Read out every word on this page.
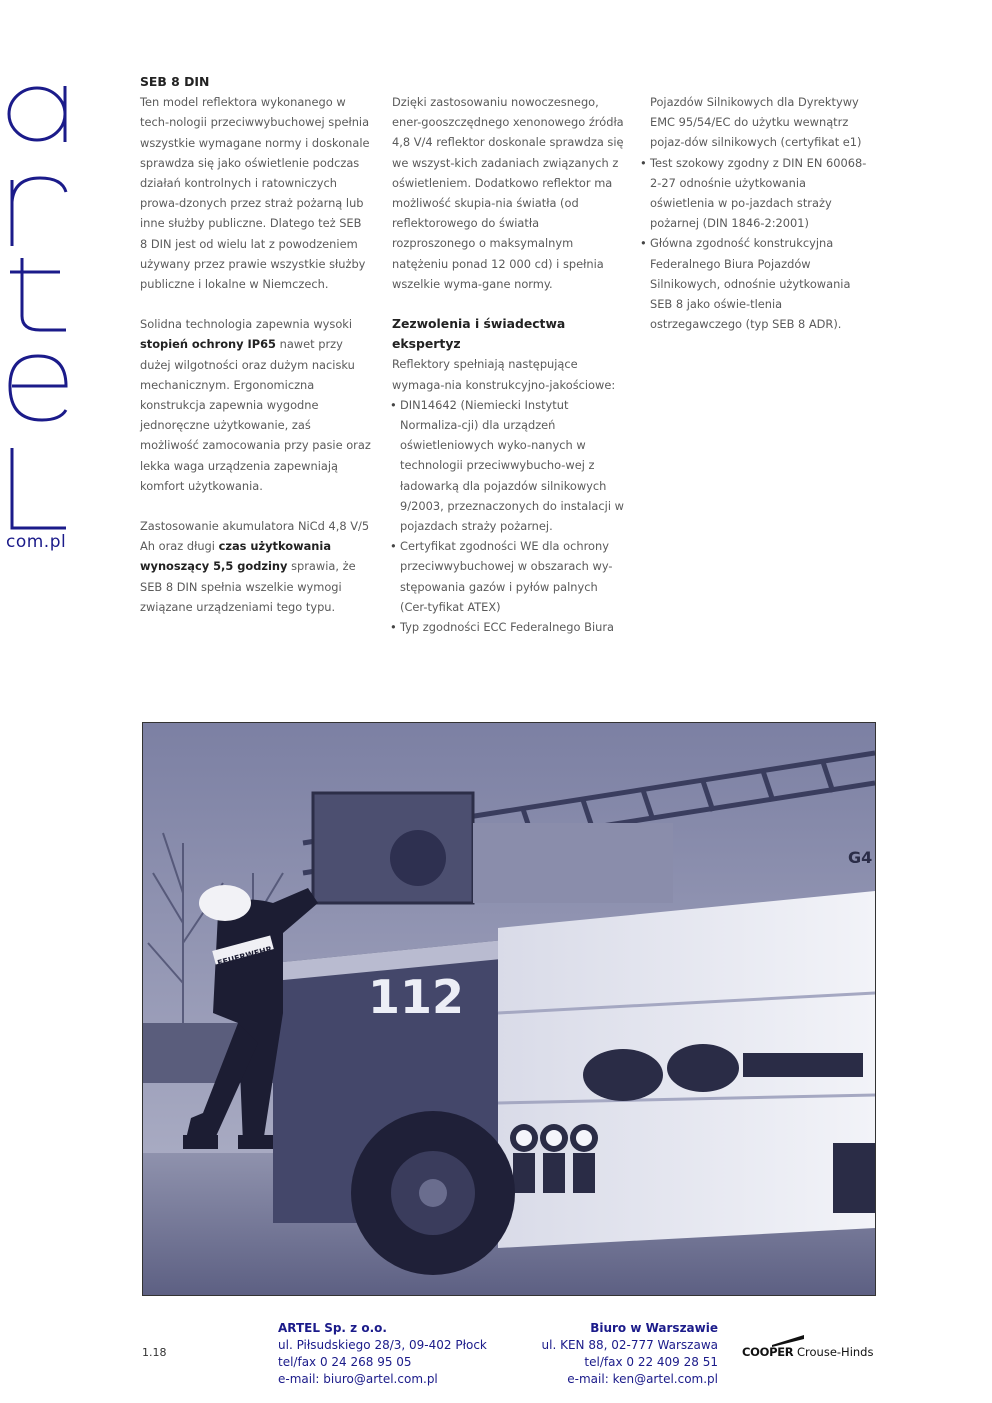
com.pl
SEB 8 DIN

Ten model reflektora wykonanego w tech-nologii przeciwwybuchowej spełnia wszystkie wymagane normy i doskonale sprawdza się jako oświetlenie podczas działań kontrolnych i ratowniczych prowa-dzonych przez straż pożarną lub inne służby publiczne. Dlatego też SEB 8 DIN jest od wielu lat z powodzeniem używany przez prawie wszystkie służby publiczne i lokalne w Niemczech.

Solidna technologia zapewnia wysoki stopień ochrony IP65 nawet przy dużej wilgotności oraz dużym nacisku mechanicznym. Ergonomiczna konstrukcja zapewnia wygodne jednoręczne użytkowanie, zaś możliwość zamocowania przy pasie oraz lekka waga urządzenia zapewniają komfort użytkowania.

Zastosowanie akumulatora NiCd 4,8 V/5 Ah oraz długi czas użytkowania wynoszący 5,5 godziny sprawia, że SEB 8 DIN spełnia wszelkie wymogi związane urządzeniami tego typu.

Dzięki zastosowaniu nowoczesnego, ener-gooszczędnego xenonowego źródła 4,8 V/4 reflektor doskonale sprawdza się we wszyst-kich zadaniach związanych z oświetleniem. Dodatkowo reflektor ma możliwość skupia-nia światła (od reflektorowego do światła rozproszonego o maksymalnym natężeniu ponad 12 000 cd) i spełnia wszelkie wyma-gane normy.

Zezwolenia i świadectwa ekspertyz
Reflektory spełniają następujące wymaga-nia konstrukcyjno-jakościowe:
• DIN14642 (Niemiecki Instytut Normaliza-cji) dla urządzeń oświetleniowych wyko-nanych w technologii przeciwwybucho-wej z ładowarką dla pojazdów silnikowych 9/2003, przeznaczonych do instalacji w pojazdach straży pożarnej.
• Certyfikat zgodności WE dla ochrony przeciwwybuchowej w obszarach wy-stępowania gazów i pyłów palnych (Cer-tyfikat ATEX)
• Typ zgodności ECC Federalnego Biura
Pojazdów Silnikowych dla Dyrektywy EMC 95/54/EC do użytku wewnątrz pojaz-dów silnikowych (certyfikat e1)
• Test szokowy zgodny z DIN EN 60068-2-27 odnośnie użytkowania oświetlenia w po-jazdach straży pożarnej (DIN 1846-2:2001)
• Główna zgodność konstrukcyjna Federalnego Biura Pojazdów Silnikowych, odnośnie użytkowania SEB 8 jako oświe-tlenia ostrzegawczego (typ SEB 8 ADR).
112
G4
FEUERWEHR
1.18
ARTEL Sp. z o.o.
ul. Piłsudskiego 28/3, 09-402 Płock
tel/fax 0 24 268 95 05
e-mail: biuro@artel.com.pl
Biuro w Warszawie
ul. KEN 88, 02-777 Warszawa
tel/fax 0 22 409 28 51
e-mail: ken@artel.com.pl
COOPER Crouse-Hinds
